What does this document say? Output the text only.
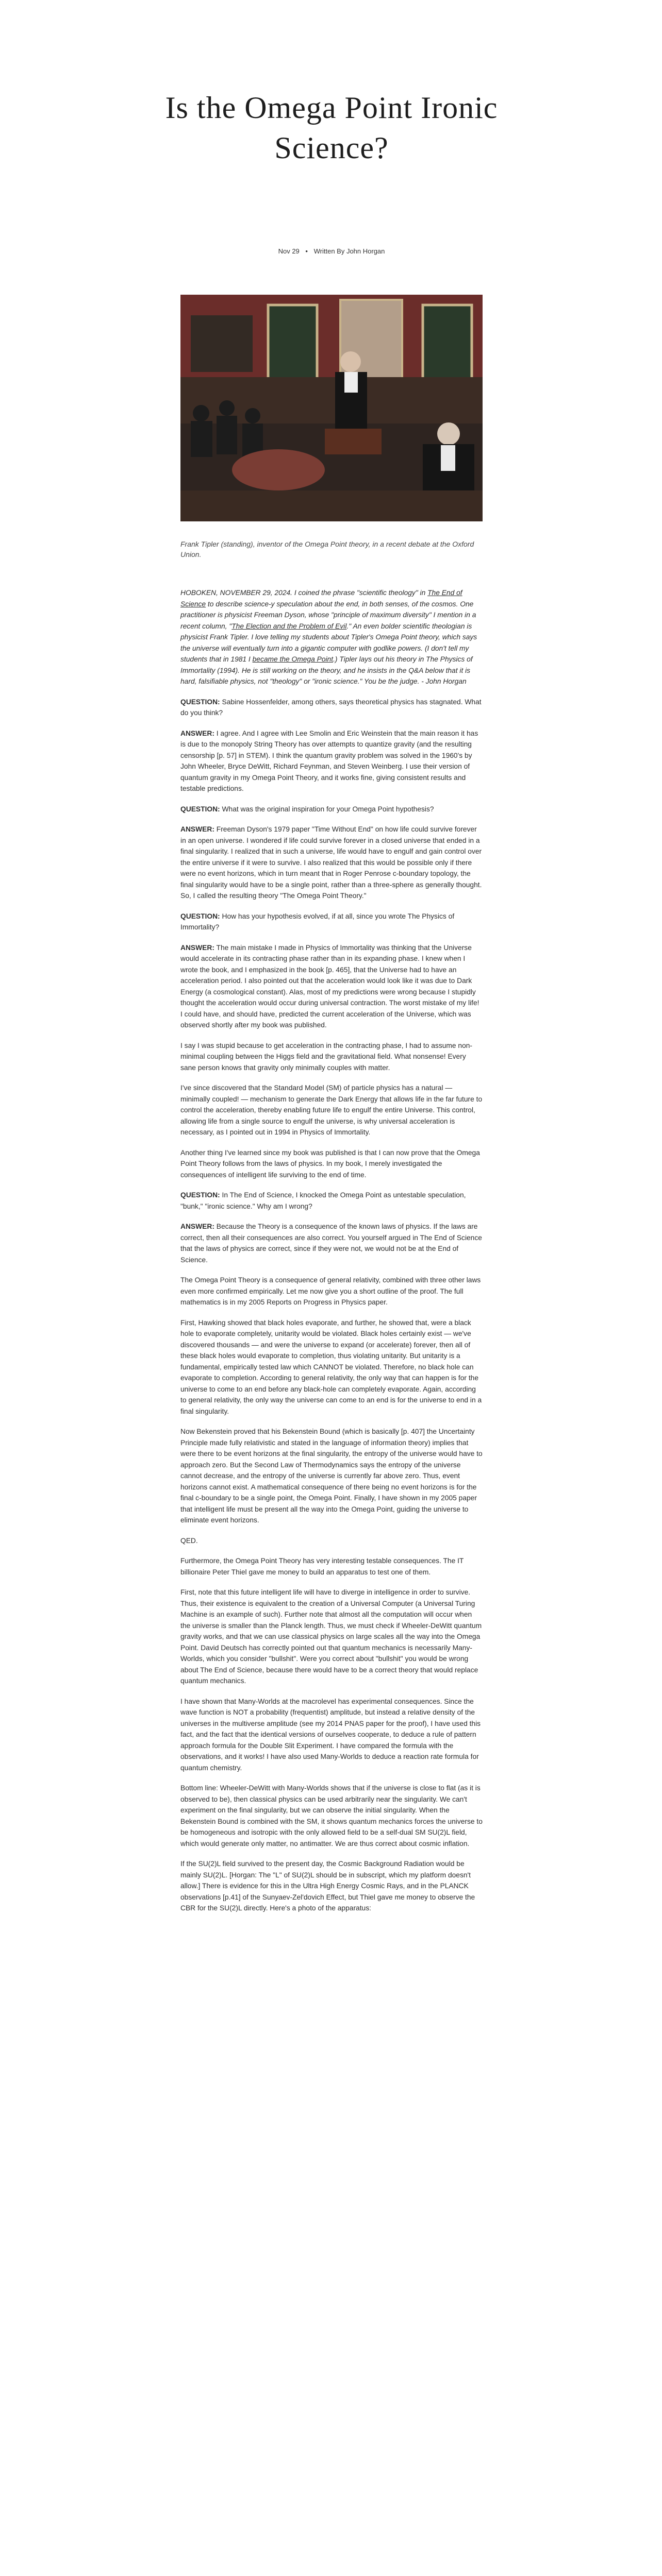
Is the Omega Point Ironic Science?
Nov 29 • Written By John Horgan
Frank Tipler (standing), inventor of the Omega Point theory, in a recent debate at the Oxford Union.

HOBOKEN, NOVEMBER 29, 2024. I coined the phrase "scientific theology" in The End of Science to describe science-y speculation about the end, in both senses, of the cosmos. One practitioner is physicist Freeman Dyson, whose "principle of maximum diversity" I mention in a recent column, "The Election and the Problem of Evil." An even bolder scientific theologian is physicist Frank Tipler. I love telling my students about Tipler's Omega Point theory, which says the universe will eventually turn into a gigantic computer with godlike powers. (I don't tell my students that in 1981 I became the Omega Point.) Tipler lays out his theory in The Physics of Immortality (1994). He is still working on the theory, and he insists in the Q&A below that it is hard, falsifiable physics, not "theology" or "ironic science." You be the judge. - John Horgan

QUESTION: Sabine Hossenfelder, among others, says theoretical physics has stagnated. What do you think?

ANSWER: I agree. And I agree with Lee Smolin and Eric Weinstein that the main reason it has is due to the monopoly String Theory has over attempts to quantize gravity (and the resulting censorship [p. 57] in STEM). I think the quantum gravity problem was solved in the 1960's by John Wheeler, Bryce DeWitt, Richard Feynman, and Steven Weinberg. I use their version of quantum gravity in my Omega Point Theory, and it works fine, giving consistent results and testable predictions.

QUESTION: What was the original inspiration for your Omega Point hypothesis?

ANSWER: Freeman Dyson's 1979 paper "Time Without End" on how life could survive forever in an open universe. I wondered if life could survive forever in a closed universe that ended in a final singularity. I realized that in such a universe, life would have to engulf and gain control over the entire universe if it were to survive. I also realized that this would be possible only if there were no event horizons, which in turn meant that in Roger Penrose c-boundary topology, the final singularity would have to be a single point, rather than a three-sphere as generally thought. So, I called the resulting theory "The Omega Point Theory."

QUESTION: How has your hypothesis evolved, if at all, since you wrote The Physics of Immortality?

ANSWER: The main mistake I made in Physics of Immortality was thinking that the Universe would accelerate in its contracting phase rather than in its expanding phase. I knew when I wrote the book, and I emphasized in the book [p. 465], that the Universe had to have an acceleration period. I also pointed out that the acceleration would look like it was due to Dark Energy (a cosmological constant). Alas, most of my predictions were wrong because I stupidly thought the acceleration would occur during universal contraction. The worst mistake of my life! I could have, and should have, predicted the current acceleration of the Universe, which was observed shortly after my book was published.

I say I was stupid because to get acceleration in the contracting phase, I had to assume non-minimal coupling between the Higgs field and the gravitational field. What nonsense! Every sane person knows that gravity only minimally couples with matter.

I've since discovered that the Standard Model (SM) of particle physics has a natural — minimally coupled! — mechanism to generate the Dark Energy that allows life in the far future to control the acceleration, thereby enabling future life to engulf the entire Universe. This control, allowing life from a single source to engulf the universe, is why universal acceleration is necessary, as I pointed out in 1994 in Physics of Immortality.

Another thing I've learned since my book was published is that I can now prove that the Omega Point Theory follows from the laws of physics. In my book, I merely investigated the consequences of intelligent life surviving to the end of time.

QUESTION: In The End of Science, I knocked the Omega Point as untestable speculation, "bunk," "ironic science." Why am I wrong?

ANSWER: Because the Theory is a consequence of the known laws of physics. If the laws are correct, then all their consequences are also correct. You yourself argued in The End of Science that the laws of physics are correct, since if they were not, we would not be at the End of Science.

The Omega Point Theory is a consequence of general relativity, combined with three other laws even more confirmed empirically. Let me now give you a short outline of the proof. The full mathematics is in my 2005 Reports on Progress in Physics paper.

First, Hawking showed that black holes evaporate, and further, he showed that, were a black hole to evaporate completely, unitarity would be violated. Black holes certainly exist — we've discovered thousands — and were the universe to expand (or accelerate) forever, then all of these black holes would evaporate to completion, thus violating unitarity. But unitarity is a fundamental, empirically tested law which CANNOT be violated. Therefore, no black hole can evaporate to completion. According to general relativity, the only way that can happen is for the universe to come to an end before any black-hole can completely evaporate. Again, according to general relativity, the only way the universe can come to an end is for the universe to end in a final singularity.

Now Bekenstein proved that his Bekenstein Bound (which is basically [p. 407] the Uncertainty Principle made fully relativistic and stated in the language of information theory) implies that were there to be event horizons at the final singularity, the entropy of the universe would have to approach zero. But the Second Law of Thermodynamics says the entropy of the universe cannot decrease, and the entropy of the universe is currently far above zero. Thus, event horizons cannot exist. A mathematical consequence of there being no event horizons is for the final c-boundary to be a single point, the Omega Point. Finally, I have shown in my 2005 paper that intelligent life must be present all the way into the Omega Point, guiding the universe to eliminate event horizons.

QED.

Furthermore, the Omega Point Theory has very interesting testable consequences. The IT billionaire Peter Thiel gave me money to build an apparatus to test one of them.

First, note that this future intelligent life will have to diverge in intelligence in order to survive. Thus, their existence is equivalent to the creation of a Universal Computer (a Universal Turing Machine is an example of such). Further note that almost all the computation will occur when the universe is smaller than the Planck length. Thus, we must check if Wheeler-DeWitt quantum gravity works, and that we can use classical physics on large scales all the way into the Omega Point. David Deutsch has correctly pointed out that quantum mechanics is necessarily Many-Worlds, which you consider "bullshit". Were you correct about "bullshit" you would be wrong about The End of Science, because there would have to be a correct theory that would replace quantum mechanics.

I have shown that Many-Worlds at the macrolevel has experimental consequences. Since the wave function is NOT a probability (frequentist) amplitude, but instead a relative density of the universes in the multiverse amplitude (see my 2014 PNAS paper for the proof), I have used this fact, and the fact that the identical versions of ourselves cooperate, to deduce a rule of pattern approach formula for the Double Slit Experiment. I have compared the formula with the observations, and it works! I have also used Many-Worlds to deduce a reaction rate formula for quantum chemistry.

Bottom line: Wheeler-DeWitt with Many-Worlds shows that if the universe is close to flat (as it is observed to be), then classical physics can be used arbitrarily near the singularity. We can't experiment on the final singularity, but we can observe the initial singularity. When the Bekenstein Bound is combined with the SM, it shows quantum mechanics forces the universe to be homogeneous and isotropic with the only allowed field to be a self-dual SM SU(2)L field, which would generate only matter, no antimatter. We are thus correct about cosmic inflation.

If the SU(2)L field survived to the present day, the Cosmic Background Radiation would be mainly SU(2)L. [Horgan: The "L" of SU(2)L should be in subscript, which my platform doesn't allow.] There is evidence for this in the Ultra High Energy Cosmic Rays, and in the PLANCK observations [p.41] of the Sunyaev-Zel'dovich Effect, but Thiel gave me money to observe the CBR for the SU(2)L directly. Here's a photo of the apparatus:
